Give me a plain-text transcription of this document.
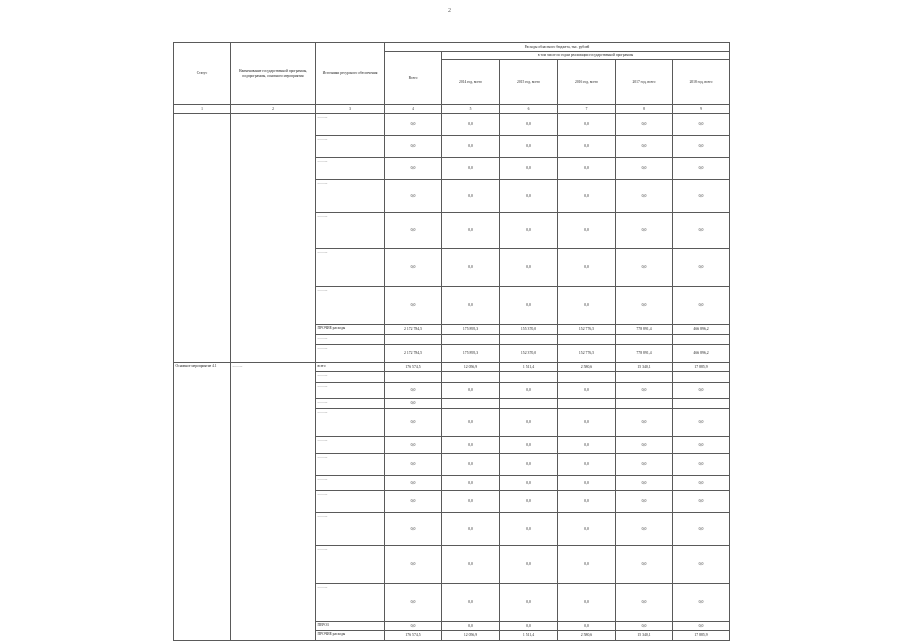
2
Статус	Наименование государственной программы, подпрограммы, основного мероприятия	Источники ресурсного обеспечения	Расходы областного бюджета, тыс. рублей					
			Всего	в том числе по годам реализации государственной программы				
				2014 год, всего	2015 год, всего	2016 год, всего	2017 год, всего	2018 год, всего
1	2	3	4	5	6	7	8	9
		...........	0,0	0,0	0,0	0,0	0,0	0,0
		...........	0,0	0,0	0,0	0,0	0,0	0,0
		...........	0,0	0,0	0,0	0,0	0,0	0,0
		...........	0,0	0,0	0,0	0,0	0,0	0,0
		...........	0,0	0,0	0,0	0,0	0,0	0,0
		...........	0,0	0,0	0,0	0,0	0,0	0,0
		...........	0,0	0,0	0,0	0,0	0,0	0,0
		ПРОЧИЕ расходы	2 172 784,5	175 895,3	155 370,0	152 776,5	778 891,4	466 896,2
		...........						
		...........	2 172 784,5	175 895,3	152 370,0	152 776,5	778 891,4	466 896,2
Основное мероприятие 4.1	...........	всего	176 574,5	12 056,9	1 511,4	2 580,6	15 340,1	17 885,9
		...........						
		...........	0,0	0,0	0,0	0,0	0,0	0,0
		...........	0,0					
		...........	0,0	0,0	0,0	0,0	0,0	0,0
		...........	0,0	0,0	0,0	0,0	0,0	0,0
		...........	0,0	0,0	0,0	0,0	0,0	0,0
		...........	0,0	0,0	0,0	0,0	0,0	0,0
		...........	0,0	0,0	0,0	0,0	0,0	0,0
		...........	0,0	0,0	0,0	0,0	0,0	0,0
		...........	0,0	0,0	0,0	0,0	0,0	0,0
		...........	0,0	0,0	0,0	0,0	0,0	0,0
		ПЕРОЗ	0,0	0,0	0,0	0,0	0,0	0,0
		ПРОЧИЕ расходы	176 574,5	12 056,9	1 511,4	2 580,6	15 340,1	17 885,9
